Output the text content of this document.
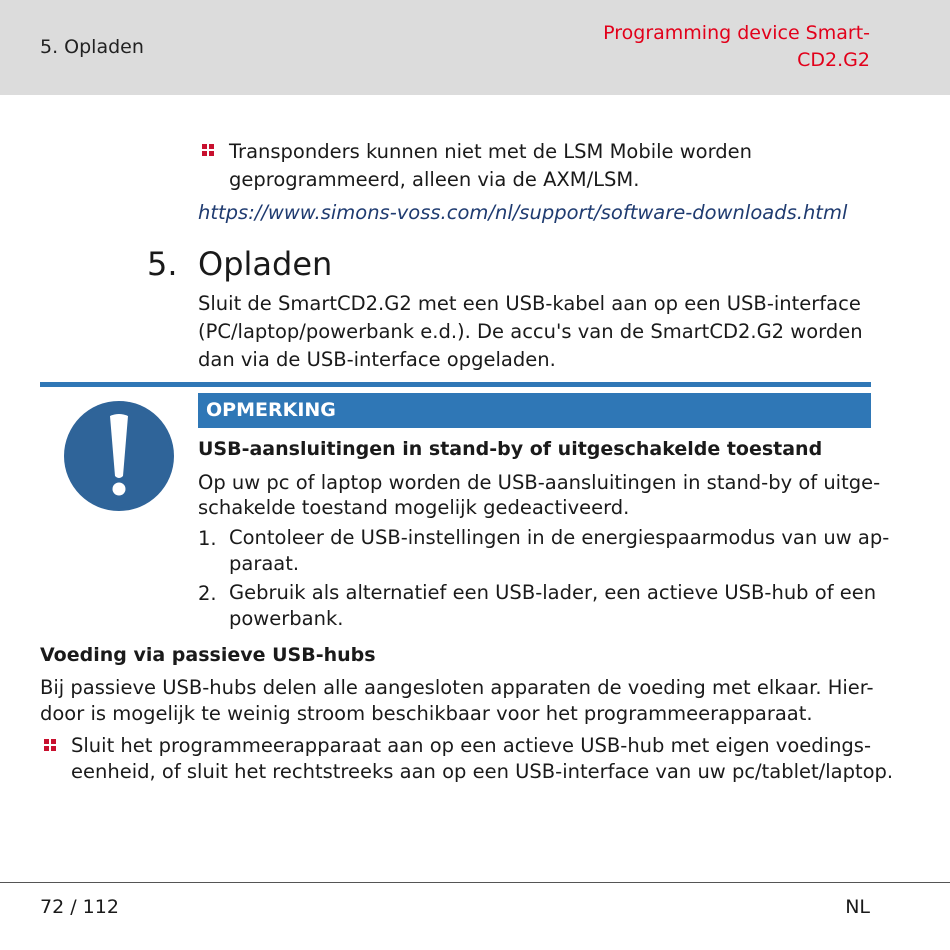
5. Opladen
Programming device Smart-CD2.G2
Transponders kunnen niet met de LSM Mobile worden
geprogrammeerd, alleen via de AXM/LSM.
https://www.simons-voss.com/nl/support/software-downloads.html
5. Opladen
Sluit de SmartCD2.G2 met een USB-kabel aan op een USB-interface
(PC/laptop/powerbank e.d.). De accu's van de SmartCD2.G2 worden
dan via de USB-interface opgeladen.
OPMERKING
USB-aansluitingen in stand-by of uitgeschakelde toestand
Op uw pc of laptop worden de USB-aansluitingen in stand-by of uitge-
schakelde toestand mogelijk gedeactiveerd.
1. Contoleer de USB-instellingen in de energiespaarmodus van uw ap-
paraat.
2. Gebruik als alternatief een USB-lader, een actieve USB-hub of een
powerbank.
Voeding via passieve USB-hubs
Bij passieve USB-hubs delen alle aangesloten apparaten de voeding met elkaar. Hier-
door is mogelijk te weinig stroom beschikbaar voor het programmeerapparaat.
Sluit het programmeerapparaat aan op een actieve USB-hub met eigen voedings-
eenheid, of sluit het rechtstreeks aan op een USB-interface van uw pc/tablet/laptop.
72 / 112	NL
